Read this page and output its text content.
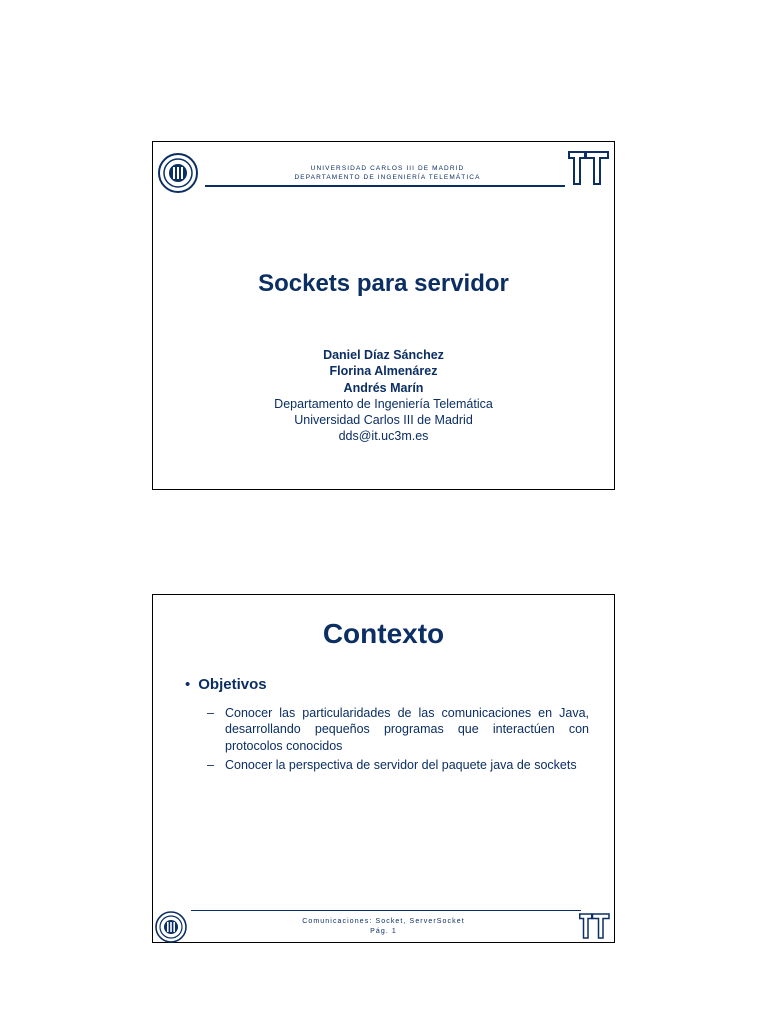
UNIVERSIDAD CARLOS III DE MADRID
DEPARTAMENTO DE INGENIERÍA TELEMÁTICA
Sockets para servidor
Daniel Díaz Sánchez
Florina Almenárez
Andrés Marín
Departamento de Ingeniería Telemática
Universidad Carlos III de Madrid
dds@it.uc3m.es
Contexto
• Objetivos
– Conocer las particularidades de las comunicaciones en Java, desarrollando pequeños programas que interactúen con protocolos conocidos
– Conocer la perspectiva de servidor del paquete java de sockets
Comunicaciones: Socket, ServerSocket
Pág. 1
